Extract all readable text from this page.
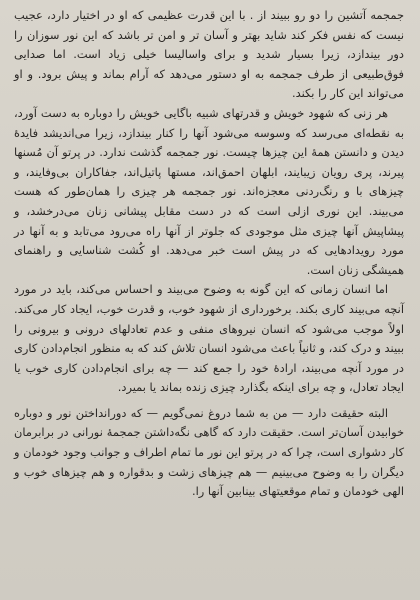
جمجمه آتشین را دو رو ببیند از . با این قدرت عظیمی که او در اختیار دارد، عجیب نیست که نفس فکر کند شاید بهتر و آسان تر و امن تر باشد که این نور سوزان را دور بیندازد، زیرا بسیار شدید و برای واسالیسا خیلی زیاد است. اما صدایی فوق‌طبیعی از طرف جمجمه به او دستور می‌دهد که آرام بماند و پیش برود. و او می‌تواند این کار را بکند.

هر زنی که شهود خویش و قدرتهای شبیه باگایی خویش را دوباره به دست آورد، به نقطه‌ای می‌رسد که وسوسه می‌شود آنها را کنار بیندازد، زیرا می‌اندیشد فایدهٔ دیدن و دانستن همهٔ این چیزها چیست. نور جمجمه گذشت ندارد. در پرتو آن مُسنها پیرند، پری رویان زیبایند، ابلهان احمق‌اند، مستها پاتیل‌اند، جفاکاران بی‌وفایند، و چیزهای با و رنگ‌ردنی معجزه‌اند. نور جمجمه هر چیزی را همان‌طور که هست می‌بیند. این نوری ازلی است که در دست مقابل پیشانی زنان می‌درخشد، و پیشاپیش آنها چیزی مثل موجودی که جلوتر از آنها راه می‌رود می‌تابد و به آنها در مورد رویدادهایی که در پیش است خبر می‌دهد. او کُشت شناسایی و راهنمای همیشگی زنان است.

اما انسان زمانی که این گونه به وضوح می‌بیند و احساس می‌کند، باید در مورد آنچه می‌بیند کاری بکند. برخورداری از شهود خوب، و قدرت خوب، ایجاد کار می‌کند. اولاً موجب می‌شود که انسان نیروهای منفی و عدم تعادلهای درونی و بیرونی را ببیند و درک کند، و ثانیاً باعث می‌شود انسان تلاش کند که به منظور انجام‌دادن کاری در مورد آنچه می‌بیند، ارادهٔ خود را جمع کند — چه برای انجام‌دادن کاری خوب یا ایجاد تعادل، و چه برای اینکه بگذارد چیزی زنده بماند یا بمیرد.

البته حقیقت دارد — من به شما دروغ نمی‌گویم — که دورانداختن نور و دوباره خوابیدن آسان‌تر است. حقیقت دارد که گاهی نگه‌داشتن جمجمهٔ نورانی در برابرمان کار دشواری است، چرا که در پرتو این نور ما تمام اطراف و جوانب وجود خودمان و دیگران را به وضوح می‌بینیم — هم چیزهای زشت و بدقواره و هم چیزهای خوب و الهی خودمان و تمام موقعیتهای بینابین آنها را.
